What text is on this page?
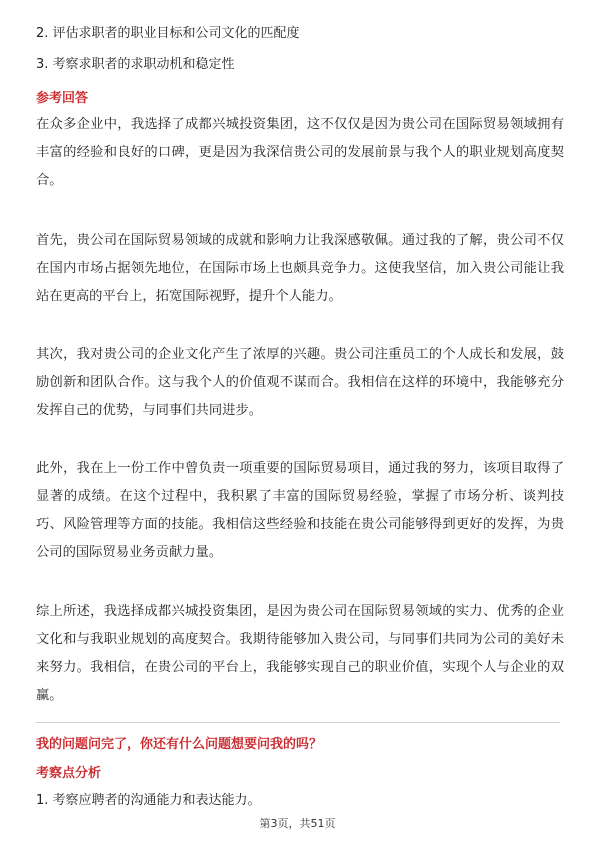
2. 评估求职者的职业目标和公司文化的匹配度
3. 考察求职者的求职动机和稳定性
参考回答
在众多企业中，我选择了成都兴城投资集团，这不仅仅是因为贵公司在国际贸易领域拥有丰富的经验和良好的口碑，更是因为我深信贵公司的发展前景与我个人的职业规划高度契合。
首先，贵公司在国际贸易领域的成就和影响力让我深感敬佩。通过我的了解，贵公司不仅在国内市场占据领先地位，在国际市场上也颇具竞争力。这使我坚信，加入贵公司能让我站在更高的平台上，拓宽国际视野，提升个人能力。
其次，我对贵公司的企业文化产生了浓厚的兴趣。贵公司注重员工的个人成长和发展，鼓励创新和团队合作。这与我个人的价值观不谋而合。我相信在这样的环境中，我能够充分发挥自己的优势，与同事们共同进步。
此外，我在上一份工作中曾负责一项重要的国际贸易项目，通过我的努力，该项目取得了显著的成绩。在这个过程中，我积累了丰富的国际贸易经验，掌握了市场分析、谈判技巧、风险管理等方面的技能。我相信这些经验和技能在贵公司能够得到更好的发挥，为贵公司的国际贸易业务贡献力量。
综上所述，我选择成都兴城投资集团，是因为贵公司在国际贸易领域的实力、优秀的企业文化和与我职业规划的高度契合。我期待能够加入贵公司，与同事们共同为公司的美好未来努力。我相信，在贵公司的平台上，我能够实现自己的职业价值，实现个人与企业的双赢。
我的问题问完了，你还有什么问题想要问我的吗？
考察点分析
1. 考察应聘者的沟通能力和表达能力。
第3页，共51页
